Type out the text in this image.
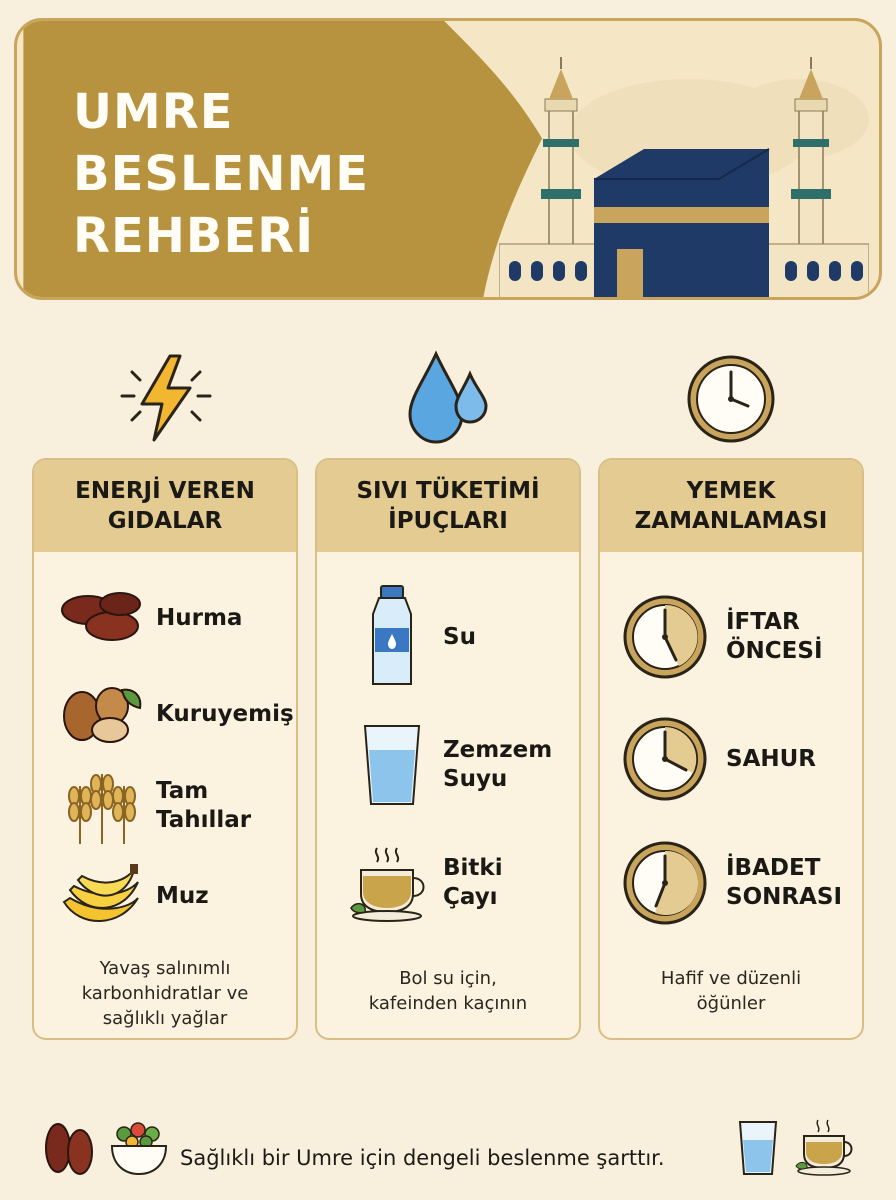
UMRE
BESLENME
REHBERİ
ENERJİ VEREN
GIDALAR
Hurma
Kuruyemiş
Tam
Tahıllar
Muz
Yavaş salınımlı
karbonhidratlar ve
sağlıklı yağlar
SIVI TÜKETİMİ
İPUÇLARI
Su
Zemzem
Suyu
Bitki
Çayı
Bol su için,
kafeinden kaçının
YEMEK
ZAMANLAMASI
İFTAR
ÖNCESİ
SAHUR
İBADET
SONRASI
Hafif ve düzenli
öğünler
Sağlıklı bir Umre için dengeli beslenme şarttır.
